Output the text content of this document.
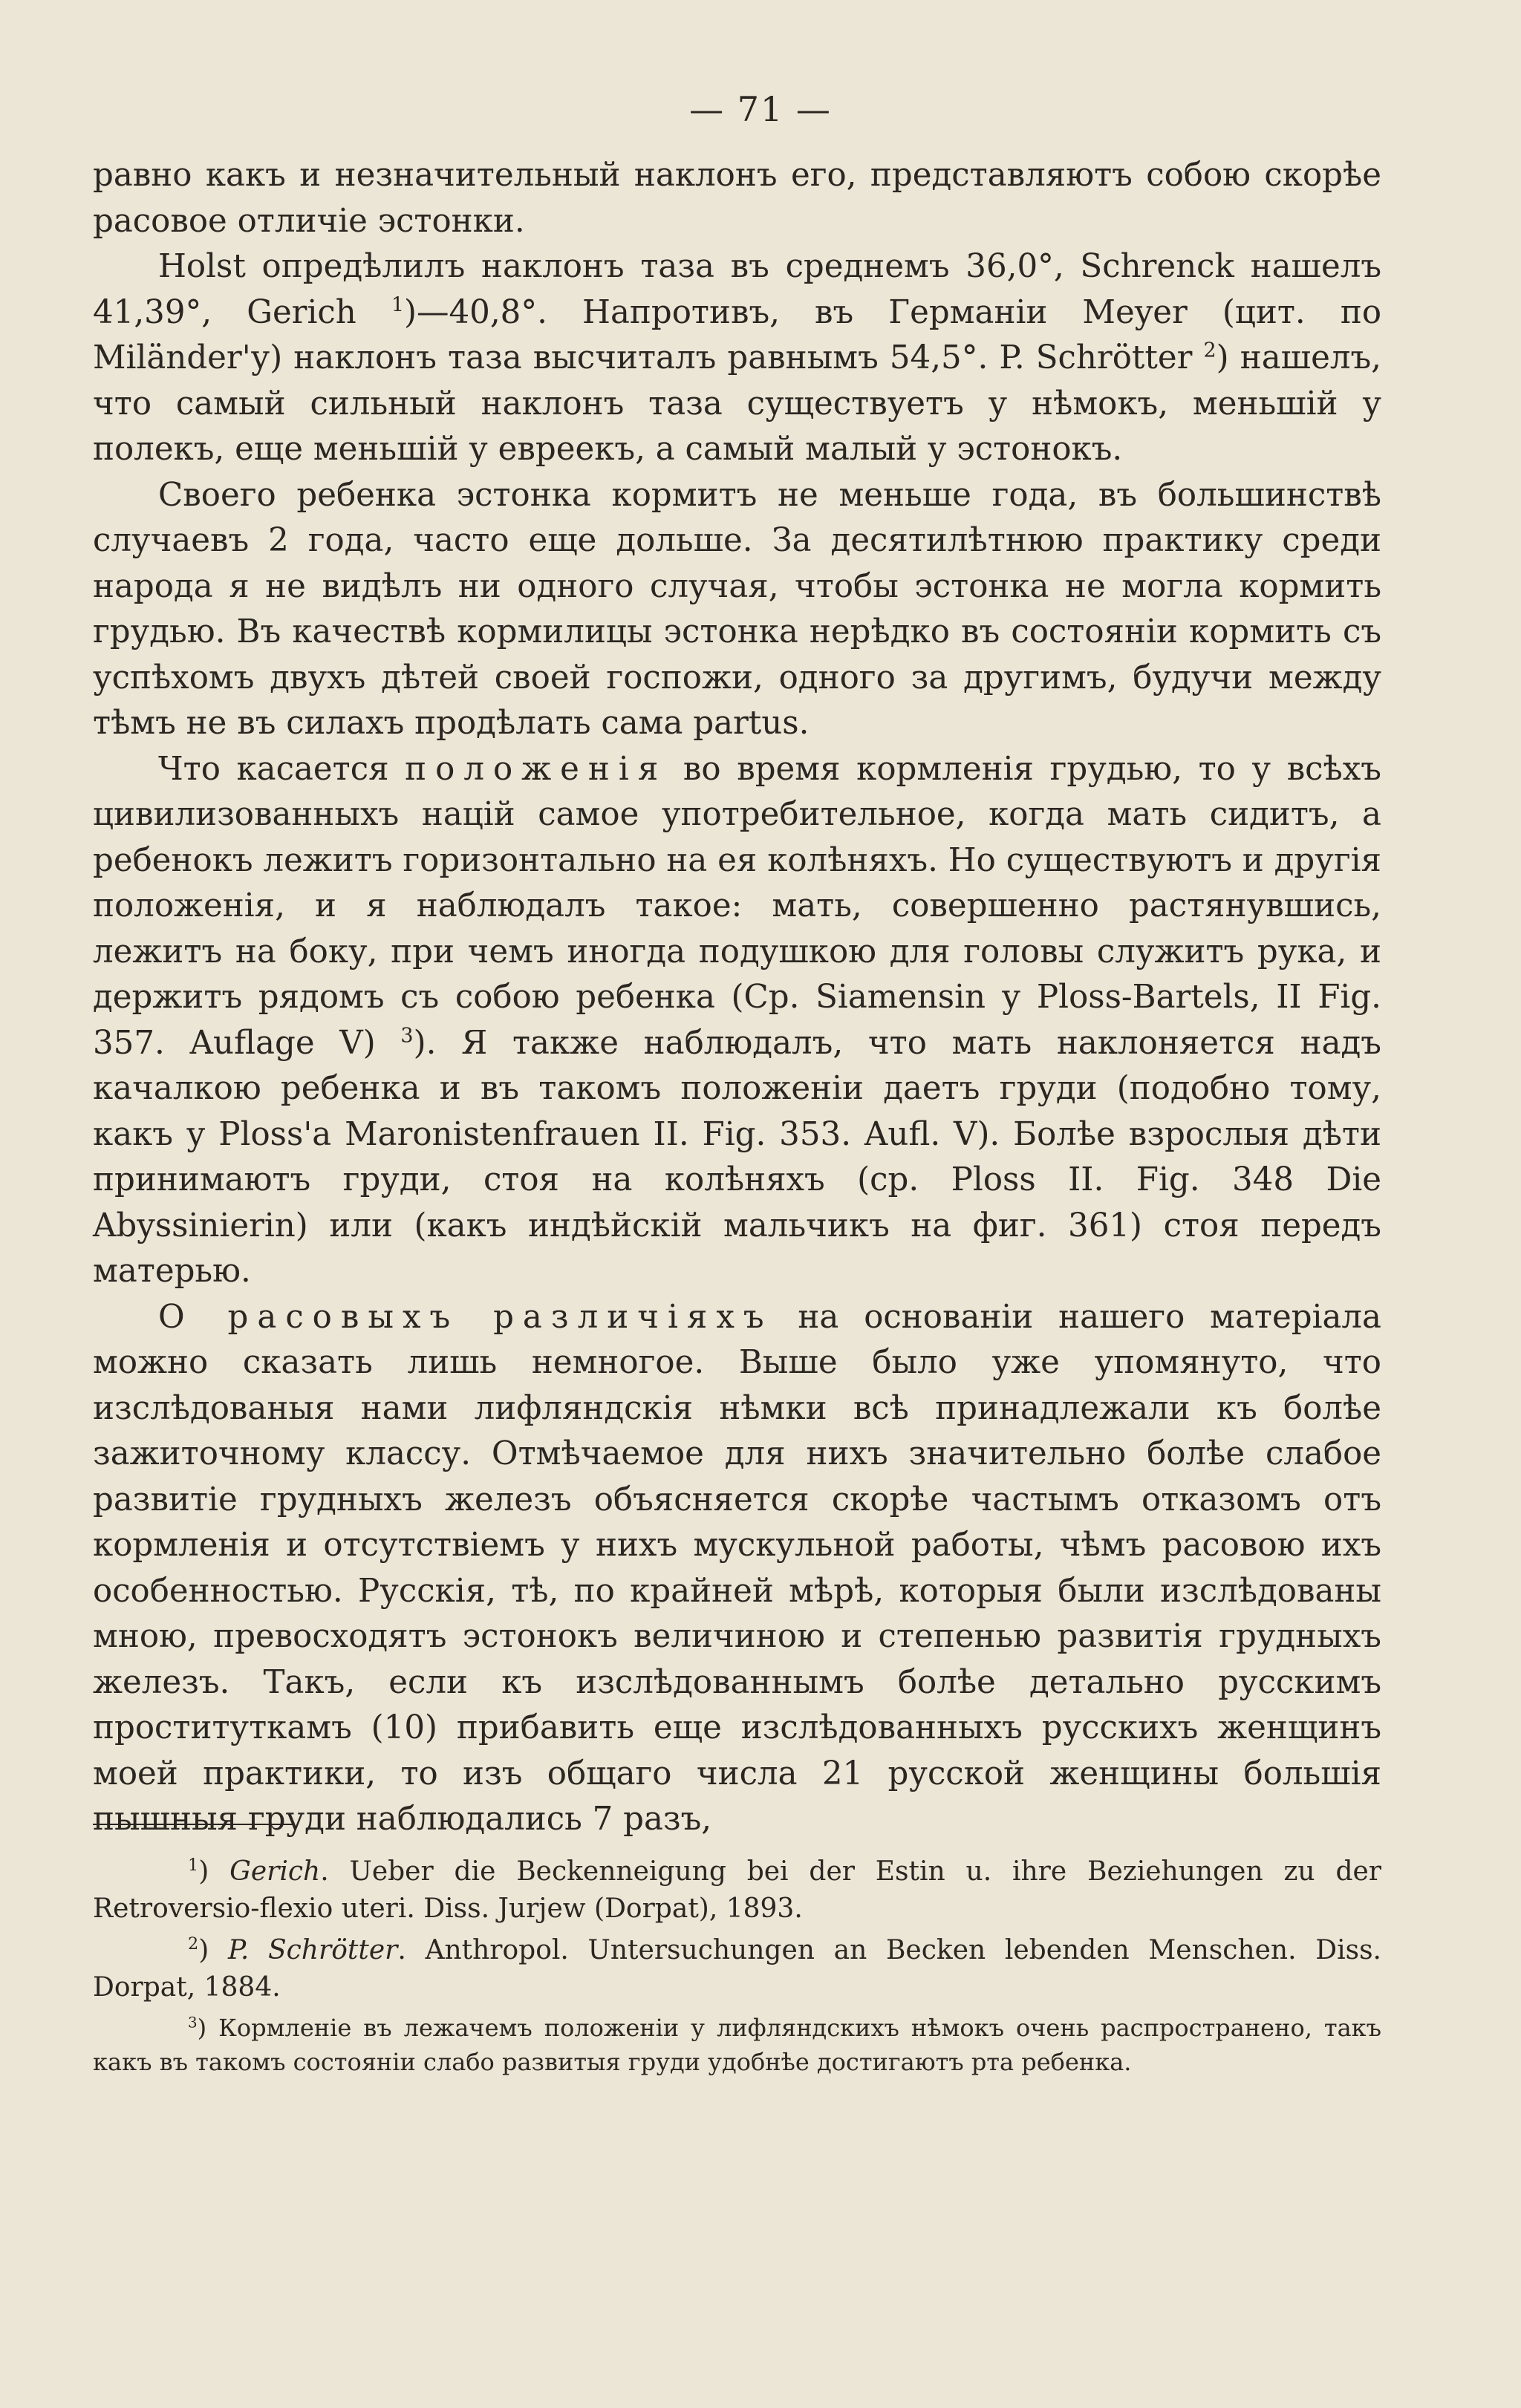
— 71 —

равно какъ и незначительный наклонъ его, представляютъ собою скорѣе расовое отличіе эстонки.

Holst опредѣлилъ наклонъ таза въ среднемъ 36,0°, Schrenck нашелъ 41,39°, Gerich $^1$)—40,8°. Напротивъ, въ Германіи Meyer (цит. по Miländer'у) наклонъ таза высчиталъ равнымъ 54,5°. P. Schrötter $^2$) нашелъ, что самый сильный наклонъ таза существуетъ у нѣмокъ, меньшій у полекъ, еще меньшій у евреекъ, а самый малый у эстонокъ.

Своего ребенка эстонка кормитъ не меньше года, въ большинствѣ случаевъ 2 года, часто еще дольше. За десятилѣтнюю практику среди народа я не видѣлъ ни одного случая, чтобы эстонка не могла кормить грудью. Въ качествѣ кормилицы эстонка нерѣдко въ состояніи кормить съ успѣхомъ двухъ дѣтей своей госпожи, одного за другимъ, будучи между тѣмъ не въ силахъ продѣлать сама partus.

Что касается положенія во время кормленія грудью, то у всѣхъ цивилизованныхъ націй самое употребительное, когда мать сидитъ, а ребенокъ лежитъ горизонтально на ея колѣняхъ. Но существуютъ и другія положенія, и я наблюдалъ такое: мать, совершенно растянувшись, лежитъ на боку, при чемъ иногда подушкою для головы служитъ рука, и держитъ рядомъ съ собою ребенка (Ср. Siamensin у Ploss-Bartels, II Fig. 357. Auflage V) $^3$). Я также наблюдалъ, что мать наклоняется надъ качалкою ребенка и въ такомъ положеніи даетъ груди (подобно тому, какъ у Ploss'a Maronistenfrauen II. Fig. 353. Aufl. V). Болѣе взрослыя дѣти принимаютъ груди, стоя на колѣняхъ (ср. Ploss II. Fig. 348 Die Abyssinierin) или (какъ индѣйскій мальчикъ на фиг. 361) стоя передъ матерью.

О расовыхъ различіяхъ на основаніи нашего матеріала можно сказать лишь немногое. Выше было уже упомянуто, что изслѣдованыя нами лифляндскія нѣмки всѣ принадлежали къ болѣе зажиточному классу. Отмѣчаемое для нихъ значительно болѣе слабое развитіе грудныхъ железъ объясняется скорѣе частымъ отказомъ отъ кормленія и отсутствіемъ у нихъ мускульной работы, чѣмъ расовою ихъ особенностью. Русскія, тѣ, по крайней мѣрѣ, которыя были изслѣдованы мною, превосходятъ эстонокъ величиною и степенью развитія грудныхъ железъ. Такъ, если къ изслѣдованнымъ болѣе детально русскимъ проституткамъ (10) прибавить еще изслѣдованныхъ русскихъ женщинъ моей практики, то изъ общаго числа 21 русской женщины большія пышныя груди наблюдались 7 разъ,

$^1$) Gerich. Ueber die Beckenneigung bei der Estin u. ihre Beziehungen zu der Retroversio-flexio uteri. Diss. Jurjew (Dorpat), 1893.

$^2$) P. Schrötter. Anthropol. Untersuchungen an Becken lebenden Menschen. Diss. Dorpat, 1884.

$^3$) Кормленіе въ лежачемъ положеніи у лифляндскихъ нѣмокъ очень распространено, такъ какъ въ такомъ состояніи слабо развитыя груди удобнѣе достигаютъ рта ребенка.
